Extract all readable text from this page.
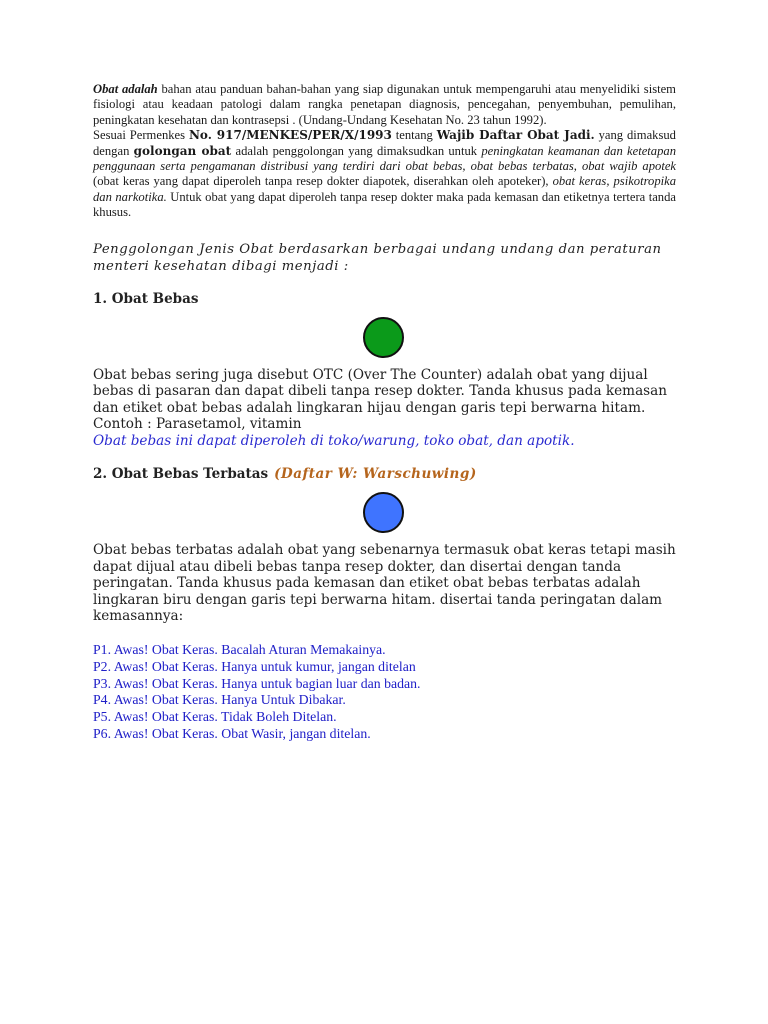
Obat adalah bahan atau panduan bahan-bahan yang siap digunakan untuk mempengaruhi atau menyelidiki sistem fisiologi atau keadaan patologi dalam rangka penetapan diagnosis, pencegahan, penyembuhan, pemulihan, peningkatan kesehatan dan kontrasepsi . (Undang-Undang Kesehatan No. 23 tahun 1992).
Sesuai Permenkes No. 917/MENKES/PER/X/1993 tentang Wajib Daftar Obat Jadi. yang dimaksud dengan golongan obat adalah penggolongan yang dimaksudkan untuk peningkatan keamanan dan ketetapan penggunaan serta pengamanan distribusi yang terdiri dari obat bebas, obat bebas terbatas, obat wajib apotek (obat keras yang dapat diperoleh tanpa resep dokter diapotek, diserahkan oleh apoteker), obat keras, psikotropika dan narkotika. Untuk obat yang dapat diperoleh tanpa resep dokter maka pada kemasan dan etiketnya tertera tanda khusus.

Penggolongan Jenis Obat berdasarkan berbagai undang undang dan peraturan menteri kesehatan dibagi menjadi :

1. Obat Bebas

Obat bebas sering juga disebut OTC (Over The Counter) adalah obat yang dijual bebas di pasaran dan dapat dibeli tanpa resep dokter. Tanda khusus pada kemasan dan etiket obat bebas adalah lingkaran hijau dengan garis tepi berwarna hitam.
Contoh : Parasetamol, vitamin

Obat bebas ini dapat diperoleh di toko/warung, toko obat, dan apotik.

2. Obat Bebas Terbatas (Daftar W: Warschuwing)

Obat bebas terbatas adalah obat yang sebenarnya termasuk obat keras tetapi masih dapat dijual atau dibeli bebas tanpa resep dokter, dan disertai dengan tanda peringatan. Tanda khusus pada kemasan dan etiket obat bebas terbatas adalah lingkaran biru dengan garis tepi berwarna hitam. disertai tanda peringatan dalam kemasannya:

P1. Awas! Obat Keras. Bacalah Aturan Memakainya.
P2. Awas! Obat Keras. Hanya untuk kumur, jangan ditelan
P3. Awas! Obat Keras. Hanya untuk bagian luar dan badan.
P4. Awas! Obat Keras. Hanya Untuk Dibakar.
P5. Awas! Obat Keras. Tidak Boleh Ditelan.
P6. Awas! Obat Keras. Obat Wasir, jangan ditelan.
